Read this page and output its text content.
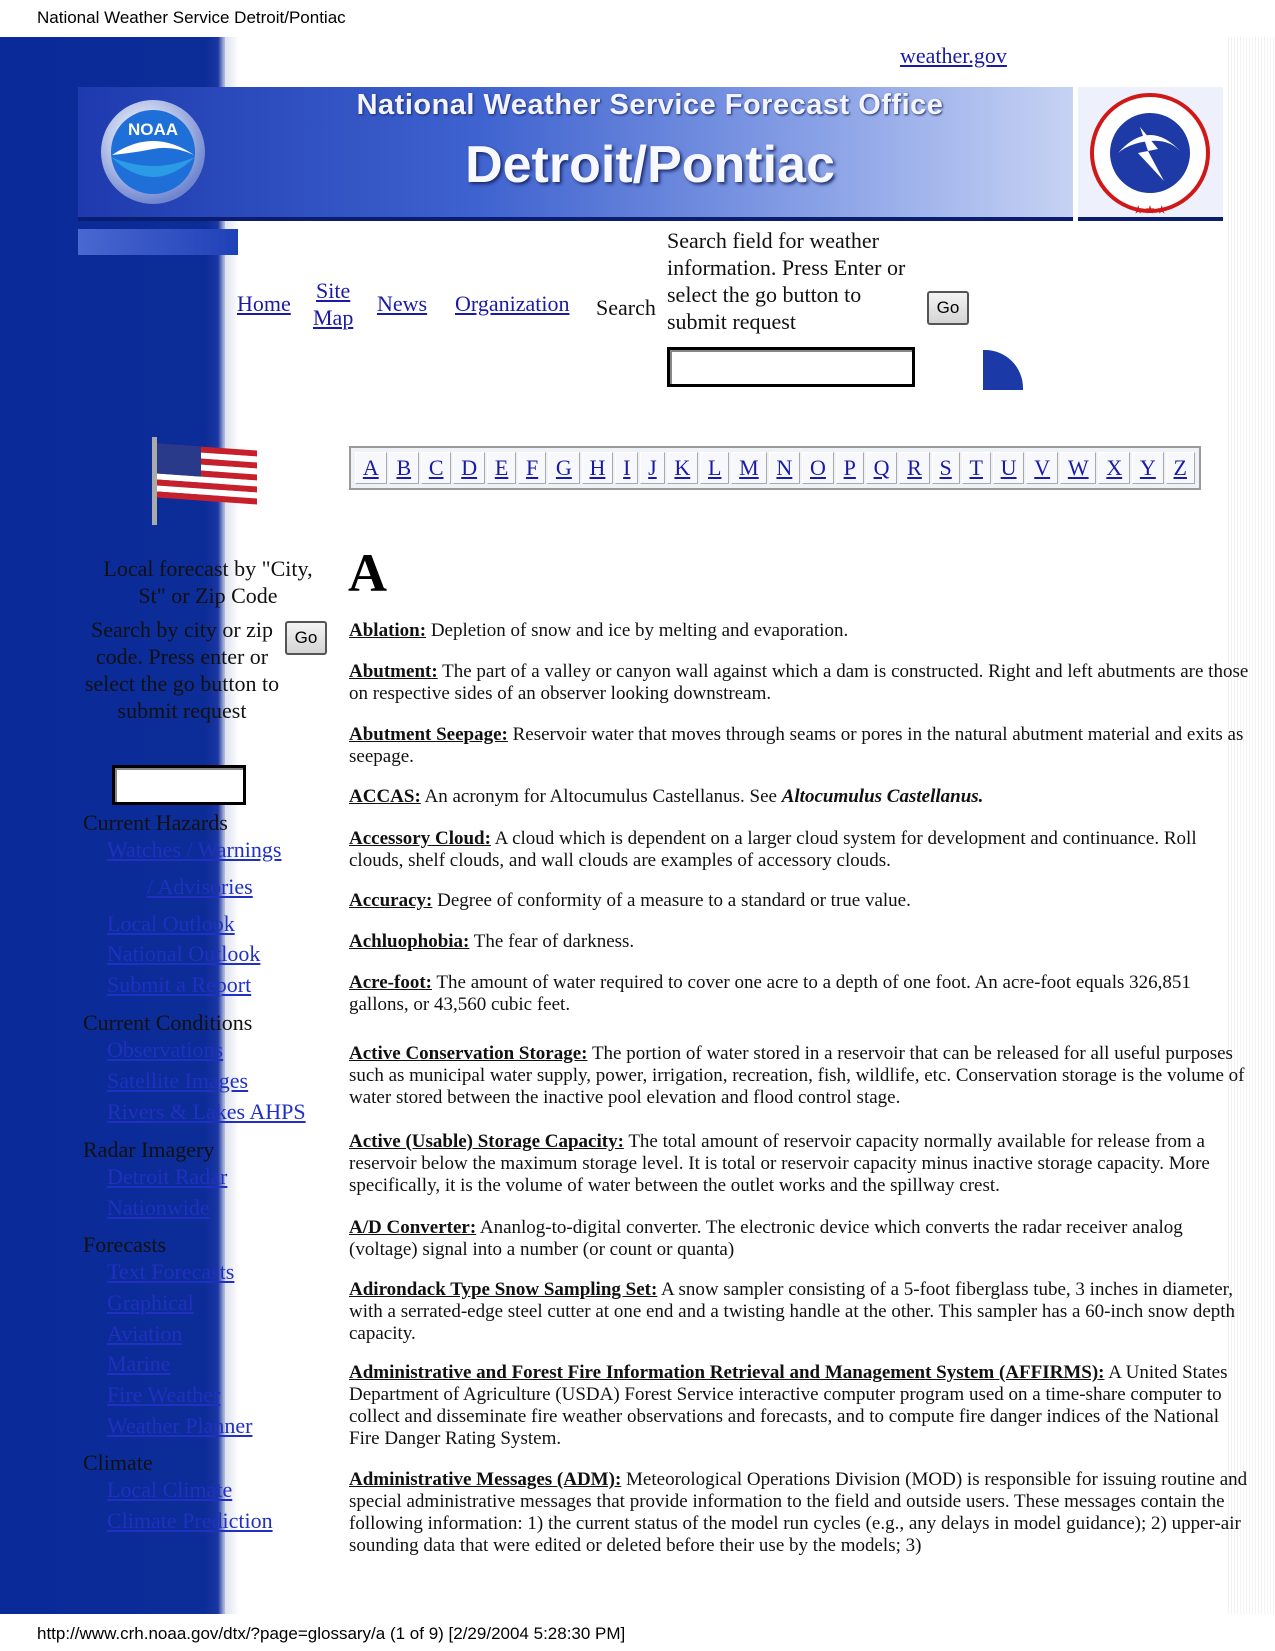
National Weather Service Detroit/Pontiac
weather.gov
NOAA
National Weather Service Forecast Office
Detroit/Pontiac
★ ★ ★
Home
Site
Map
News Organization Search
Search field for weather information. Press Enter or select the go button to submit request
Go
Local forecast by "City, St" or Zip Code
Search by city or zip code. Press enter or select the go button to submit request
Go
Current Hazards
Watches / Warnings
/ Advisories
Local Outlook
National Outlook
Submit a Report
Current Conditions
Observations
Satellite Images
Rivers & Lakes AHPS
Radar Imagery
Detroit Radar
Nationwide
Forecasts
Text Forecasts
Graphical
Aviation
Marine
Fire Weather
Weather Planner
Climate
Local Climate
Climate Prediction
A B C D E F G H I J K L M N O P Q R S T U V W X Y Z
A
Ablation: Depletion of snow and ice by melting and evaporation.
Abutment: The part of a valley or canyon wall against which a dam is constructed. Right and left abutments are those on respective sides of an observer looking downstream.
Abutment Seepage: Reservoir water that moves through seams or pores in the natural abutment material and exits as seepage.
ACCAS: An acronym for Altocumulus Castellanus. See Altocumulus Castellanus.
Accessory Cloud: A cloud which is dependent on a larger cloud system for development and continuance. Roll clouds, shelf clouds, and wall clouds are examples of accessory clouds.
Accuracy: Degree of conformity of a measure to a standard or true value.
Achluophobia: The fear of darkness.
Acre-foot: The amount of water required to cover one acre to a depth of one foot. An acre-foot equals 326,851 gallons, or 43,560 cubic feet.
Active Conservation Storage: The portion of water stored in a reservoir that can be released for all useful purposes such as municipal water supply, power, irrigation, recreation, fish, wildlife, etc. Conservation storage is the volume of water stored between the inactive pool elevation and flood control stage.
Active (Usable) Storage Capacity: The total amount of reservoir capacity normally available for release from a reservoir below the maximum storage level. It is total or reservoir capacity minus inactive storage capacity. More specifically, it is the volume of water between the outlet works and the spillway crest.
A/D Converter: Ananlog-to-digital converter. The electronic device which converts the radar receiver analog (voltage) signal into a number (or count or quanta)
Adirondack Type Snow Sampling Set: A snow sampler consisting of a 5-foot fiberglass tube, 3 inches in diameter, with a serrated-edge steel cutter at one end and a twisting handle at the other. This sampler has a 60-inch snow depth capacity.
Administrative and Forest Fire Information Retrieval and Management System (AFFIRMS): A United States Department of Agriculture (USDA) Forest Service interactive computer program used on a time-share computer to collect and disseminate fire weather observations and forecasts, and to compute fire danger indices of the National Fire Danger Rating System.
Administrative Messages (ADM): Meteorological Operations Division (MOD) is responsible for issuing routine and special administrative messages that provide information to the field and outside users. These messages contain the following information: 1) the current status of the model run cycles (e.g., any delays in model guidance); 2) upper-air sounding data that were edited or deleted before their use by the models; 3)
http://www.crh.noaa.gov/dtx/?page=glossary/a (1 of 9) [2/29/2004 5:28:30 PM]
